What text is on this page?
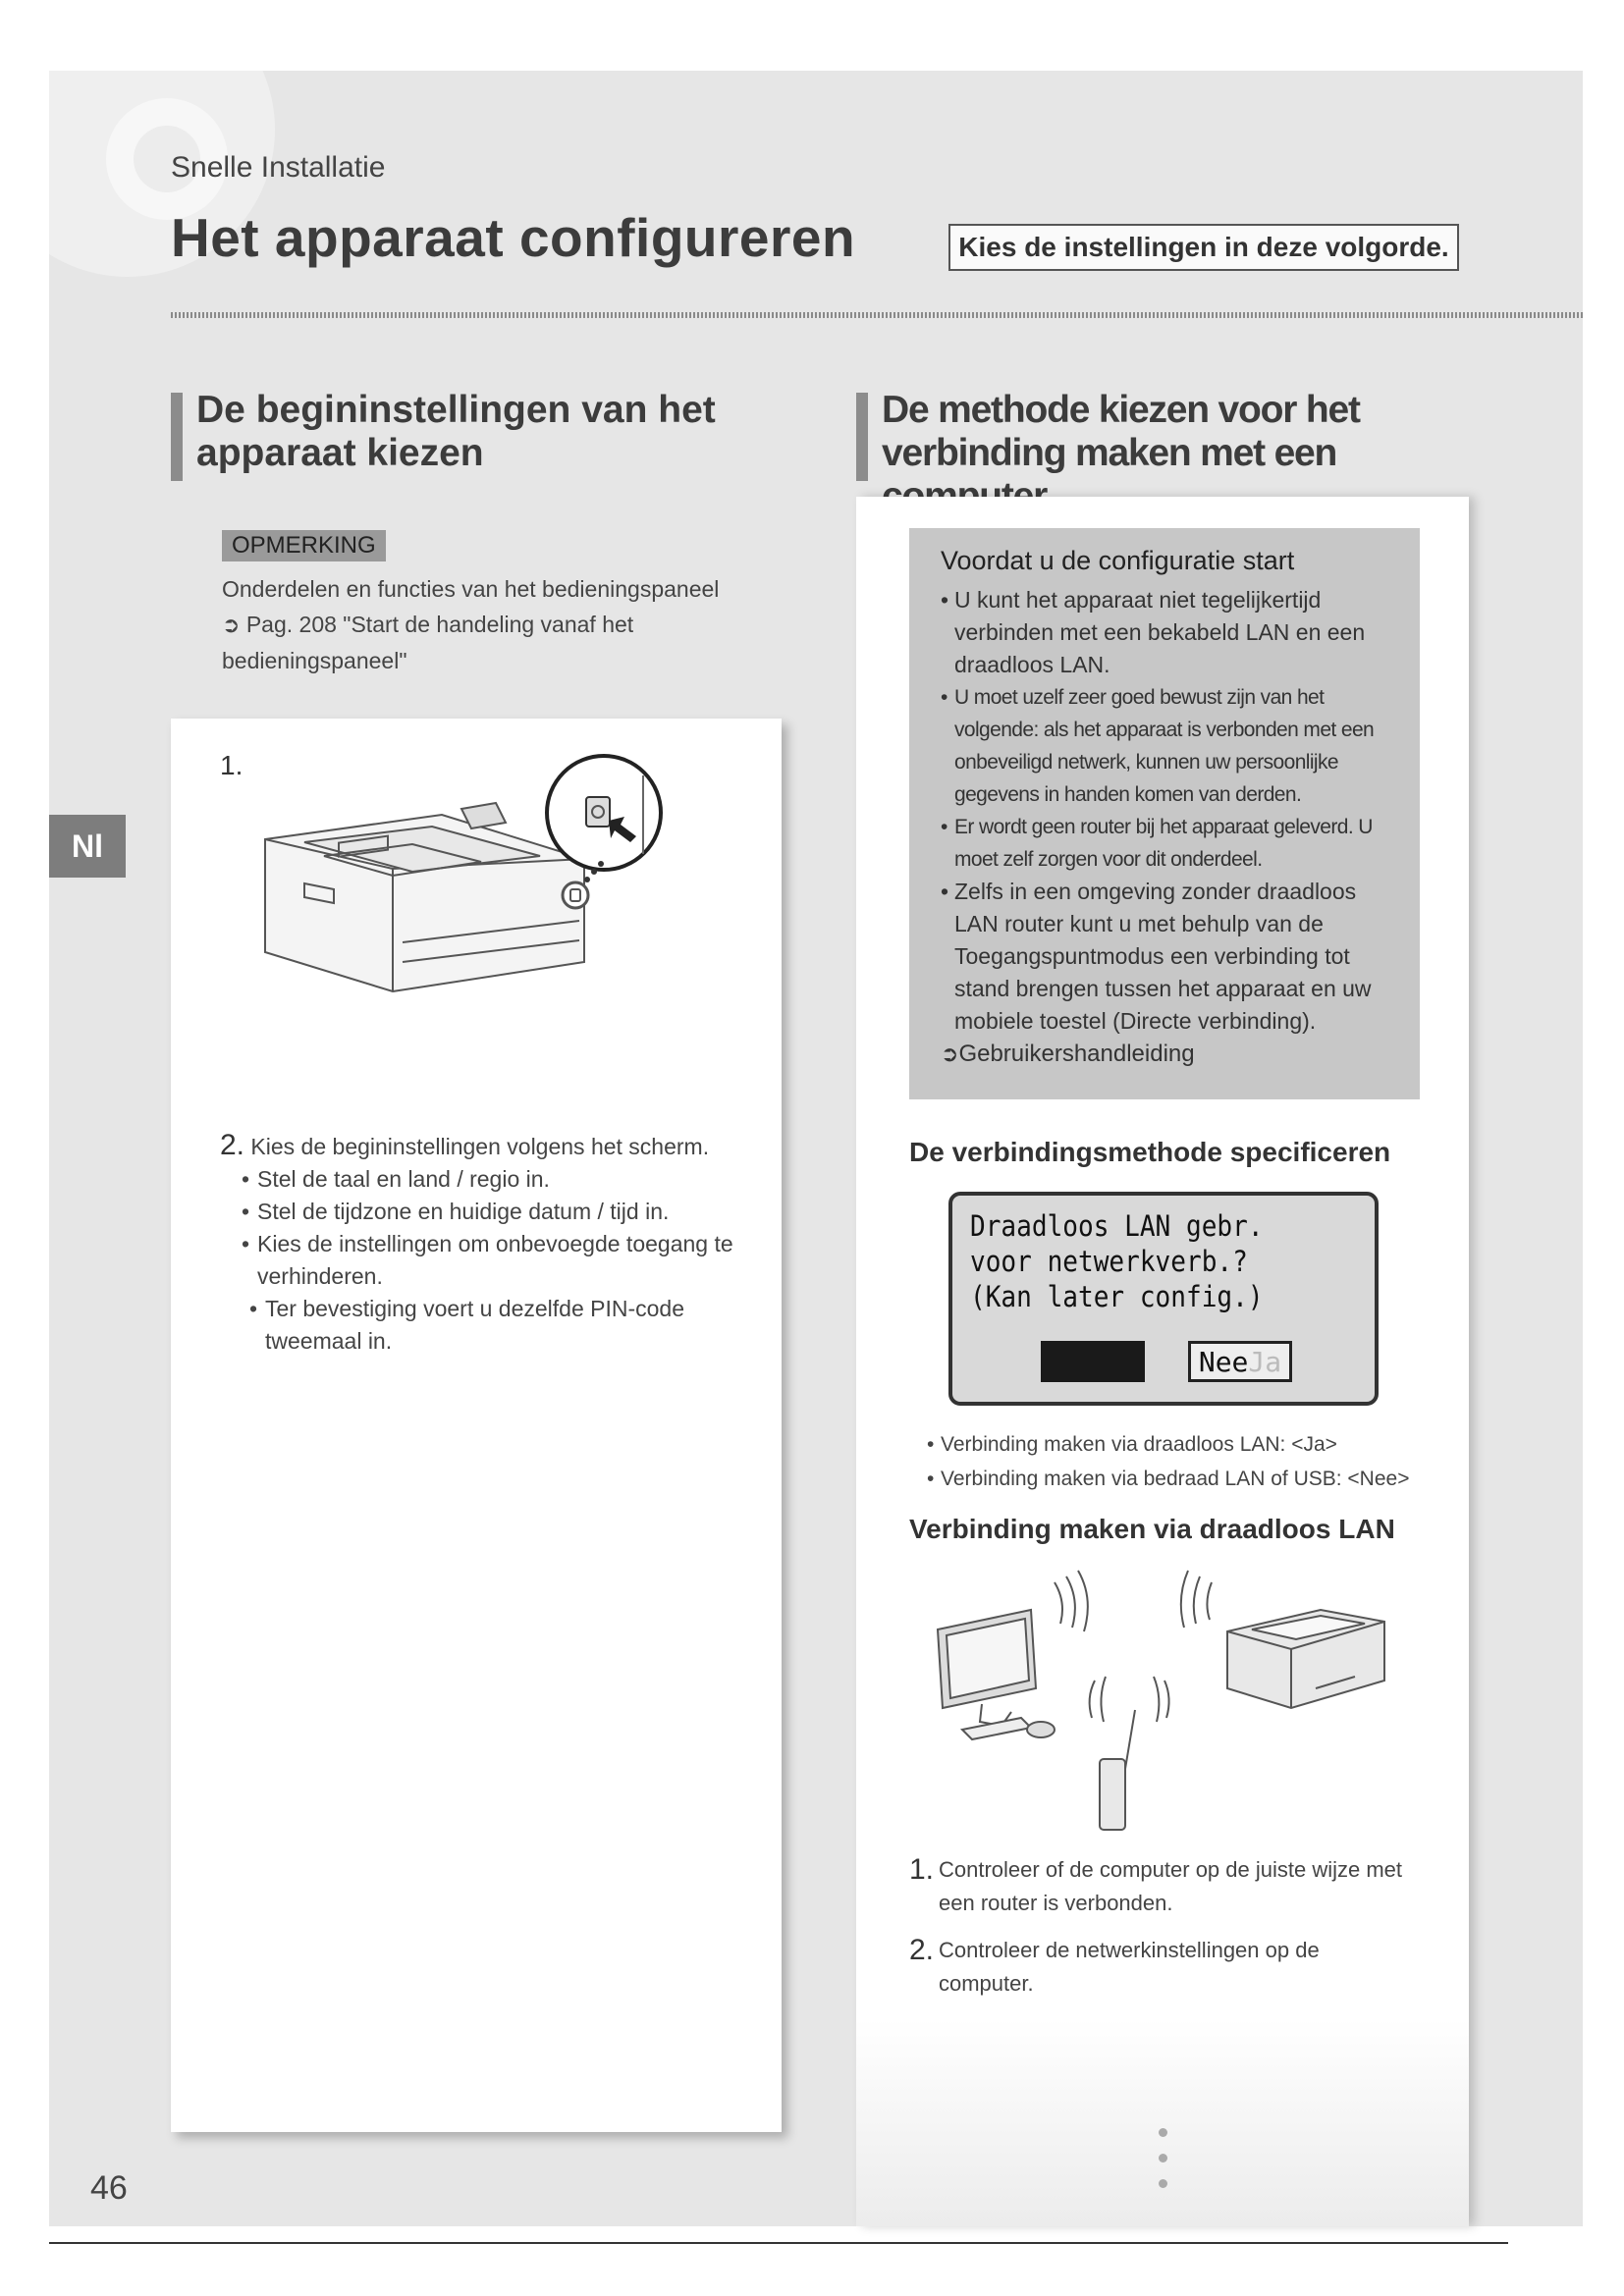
Snelle Installatie
Het apparaat configureren	Kies de instellingen in deze volgorde.
De begininstellingen van het
apparaat kiezen
De methode kiezen voor het
verbinding maken met een
OPMERKING
Onderdelen en functies van het bedieningspaneel
➲ Pag. 208 "Start de handeling vanaf het bedieningspaneel"
Nl
1.
2. Kies de begininstellingen volgens het scherm.
• Stel de taal en land / regio in.
• Stel de tijdzone en huidige datum / tijd in.
• Kies de instellingen om onbevoegde toegang te verhinderen.
• Ter bevestiging voert u dezelfde PIN-code tweemaal in.
Voordat u de configuratie start
• U kunt het apparaat niet tegelijkertijd verbinden met een bekabeld LAN en een draadloos LAN.
• U moet uzelf zeer goed bewust zijn van het volgende: als het apparaat is verbonden met een onbeveiligd netwerk, kunnen uw persoonlijke gegevens in handen komen van derden.
• Er wordt geen router bij het apparaat geleverd. U moet zelf zorgen voor dit onderdeel.
• Zelfs in een omgeving zonder draadloos LAN router kunt u met behulp van de Toegangspuntmodus een verbinding tot stand brengen tussen het apparaat en uw mobiele toestel (Directe verbinding).
➲Gebruikershandleiding
De verbindingsmethode specificeren
Draadloos LAN gebr.
voor netwerkverb.?
(Kan later config.)
Nee Ja
• Verbinding maken via draadloos LAN: <Ja>
• Verbinding maken via bedraad LAN of USB: <Nee>
Verbinding maken via draadloos LAN
1. Controleer of de computer op de juiste wijze met een router is verbonden.
2. Controleer de netwerkinstellingen op de computer.
46
